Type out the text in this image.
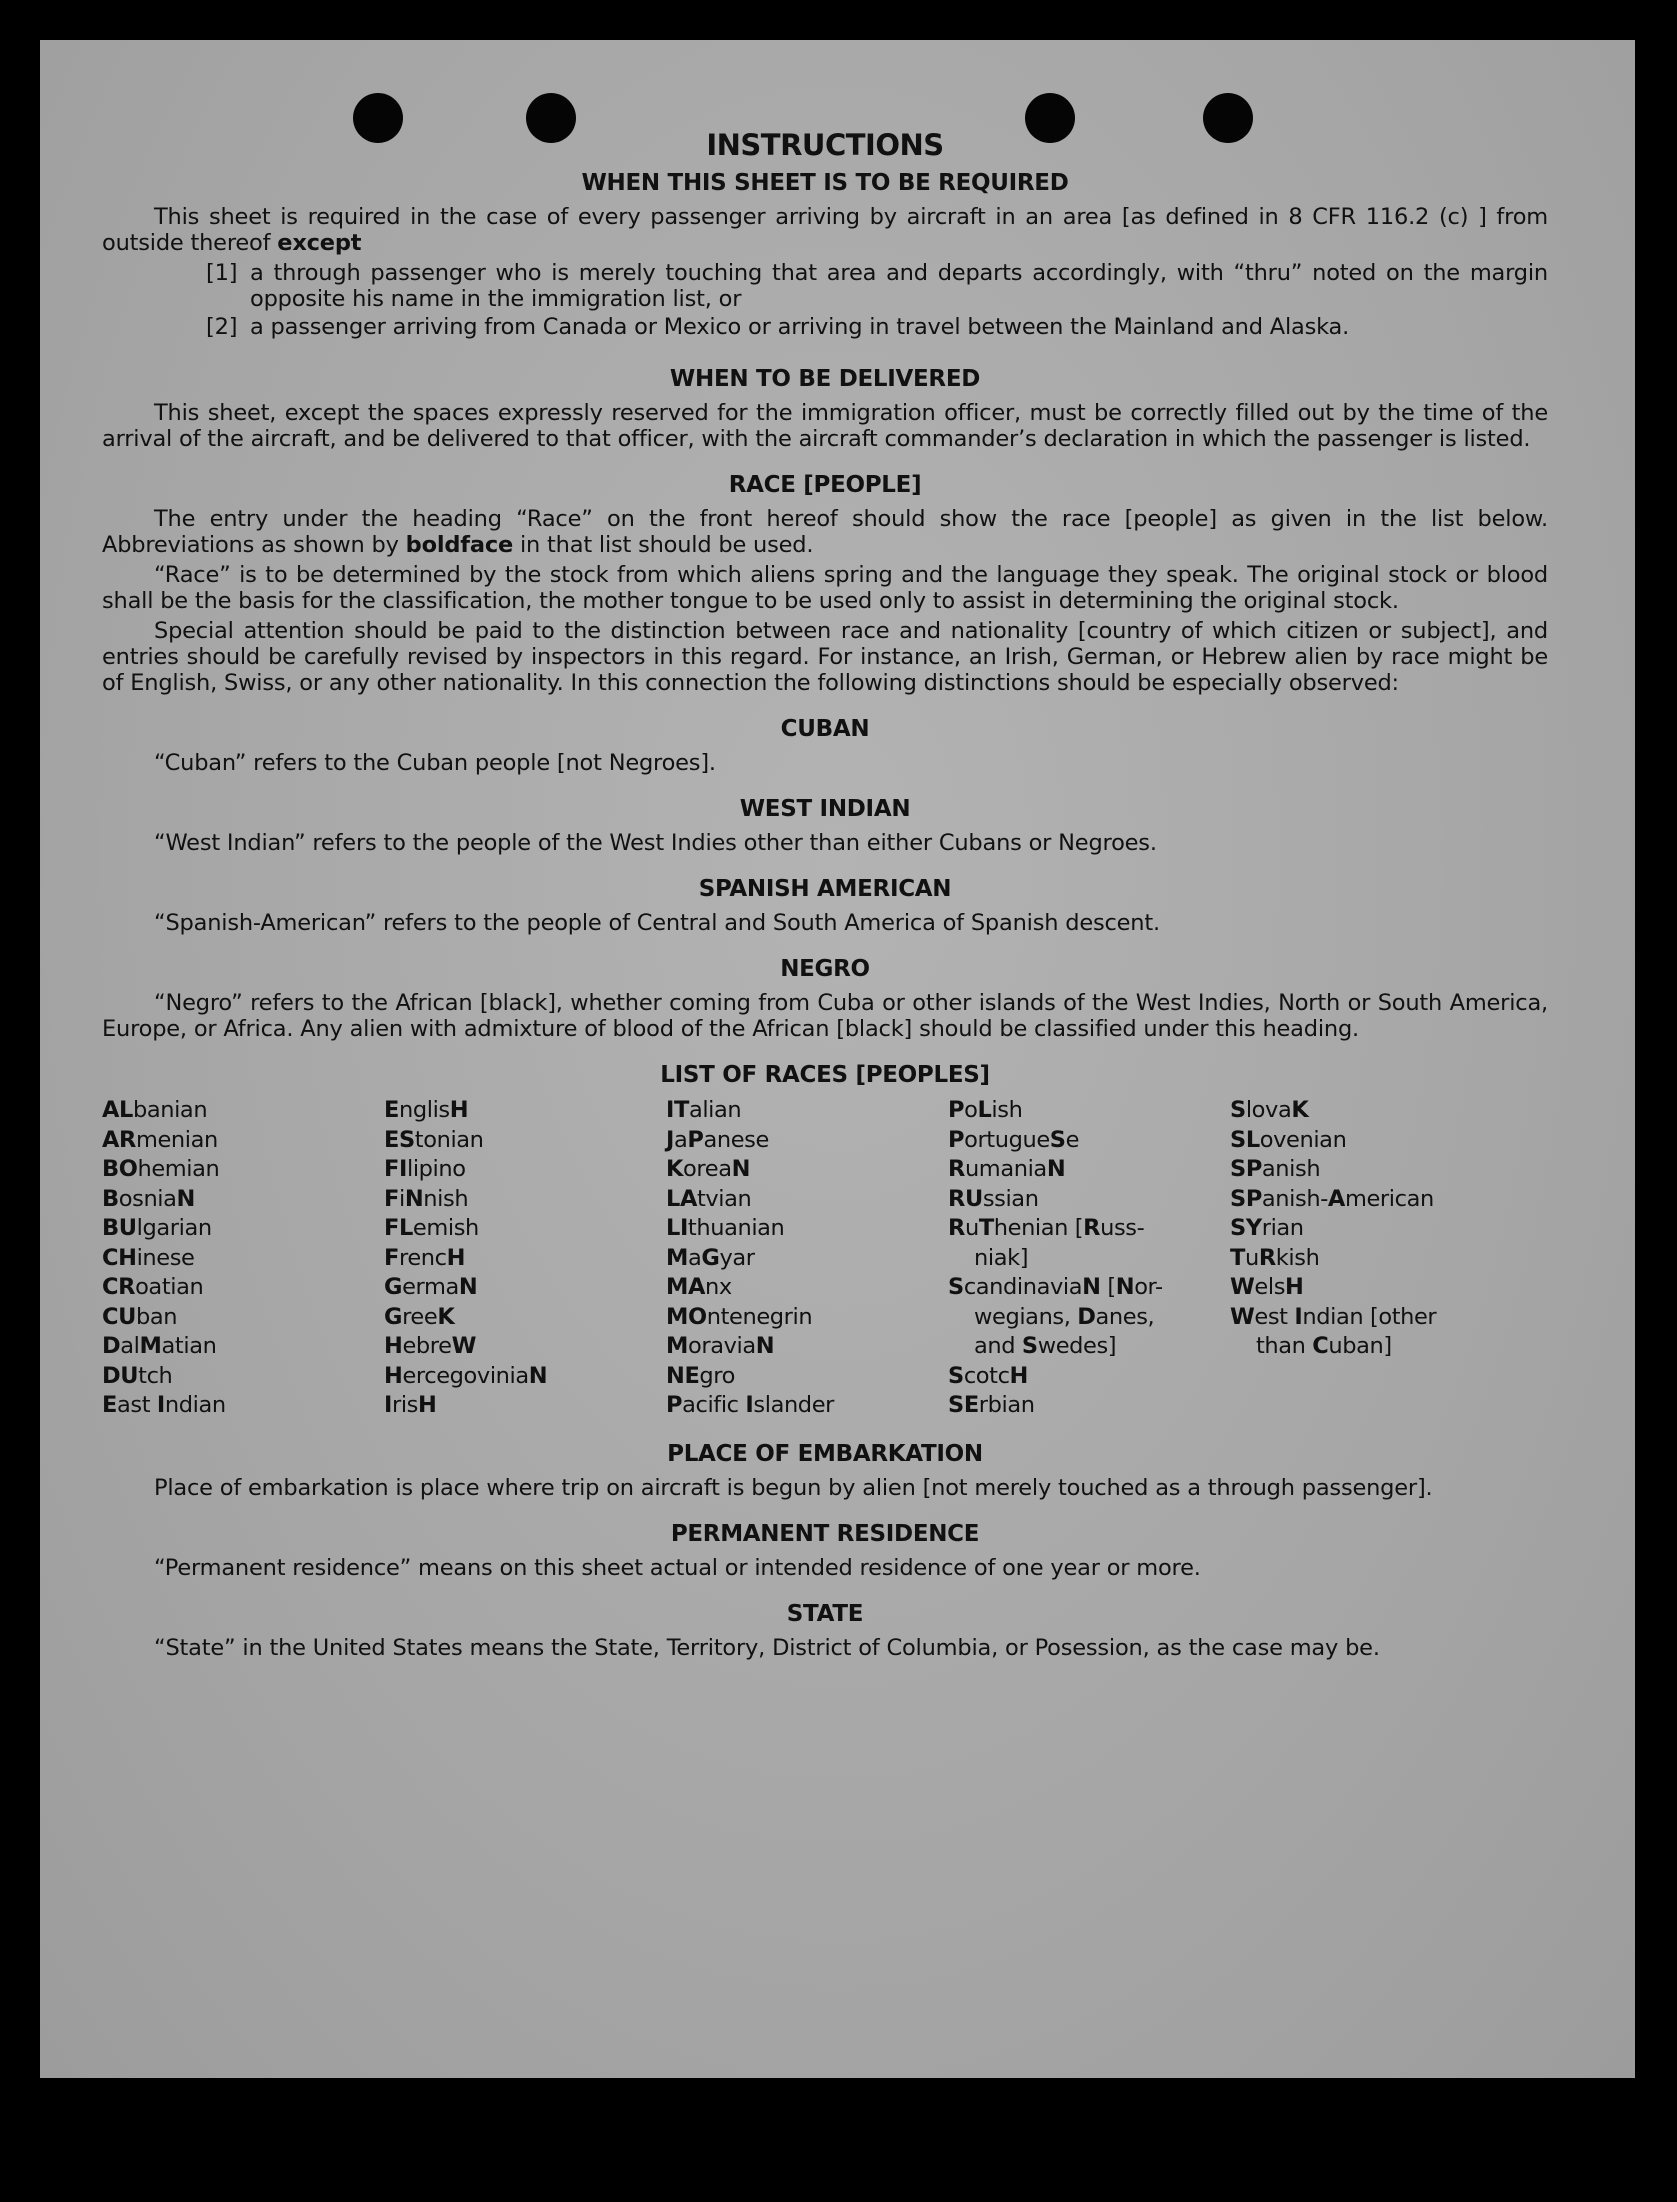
INSTRUCTIONS
WHEN THIS SHEET IS TO BE REQUIRED
This sheet is required in the case of every passenger arriving by aircraft in an area [as defined in 8 CFR 116.2 (c) ] from outside thereof except
[1] a through passenger who is merely touching that area and departs accordingly, with “thru” noted on the margin opposite his name in the immigration list, or
[2] a passenger arriving from Canada or Mexico or arriving in travel between the Mainland and Alaska.
WHEN TO BE DELIVERED
This sheet, except the spaces expressly reserved for the immigration officer, must be correctly filled out by the time of the arrival of the aircraft, and be delivered to that officer, with the aircraft commander’s declaration in which the passenger is listed.
RACE [PEOPLE]
The entry under the heading “Race” on the front hereof should show the race [people] as given in the list below. Abbreviations as shown by boldface in that list should be used.
“Race” is to be determined by the stock from which aliens spring and the language they speak. The original stock or blood shall be the basis for the classification, the mother tongue to be used only to assist in determining the original stock.
Special attention should be paid to the distinction between race and nationality [country of which citizen or subject], and entries should be carefully revised by inspectors in this regard. For instance, an Irish, German, or Hebrew alien by race might be of English, Swiss, or any other nationality. In this connection the following distinctions should be especially observed:
CUBAN
“Cuban” refers to the Cuban people [not Negroes].
WEST INDIAN
“West Indian” refers to the people of the West Indies other than either Cubans or Negroes.
SPANISH AMERICAN
“Spanish-American” refers to the people of Central and South America of Spanish descent.
NEGRO
“Negro” refers to the African [black], whether coming from Cuba or other islands of the West Indies, North or South America, Europe, or Africa. Any alien with admixture of blood of the African [black] should be classified under this heading.
LIST OF RACES [PEOPLES]
ALbanian
ARmenian
BOhemian
BosniaN
BUlgarian
CHinese
CRoatian
CUban
DalMatian
DUtch
East Indian
EnglisH
EStonian
FIlipino
FiNnish
FLemish
FrencH
GermaN
GreeK
HebreW
HercegoviniaN
IrisH
ITalian
JaPanese
KoreaN
LAtvian
LIthuanian
MaGyar
MAnx
MOntenegrin
MoraviaN
NEgro
Pacific Islander
PoLish
PortugueSe
RumaniaN
RUssian
RuThenian [Russ-
niak]
ScandinaviaN [Nor-
wegians, Danes,
and Swedes]
ScotcH
SErbian
SlovaK
SLovenian
SPanish
SPanish-American
SYrian
TuRkish
WelsH
West Indian [other
than Cuban]
PLACE OF EMBARKATION
Place of embarkation is place where trip on aircraft is begun by alien [not merely touched as a through passenger].
PERMANENT RESIDENCE
“Permanent residence” means on this sheet actual or intended residence of one year or more.
STATE
“State” in the United States means the State, Territory, District of Columbia, or Posession, as the case may be.
